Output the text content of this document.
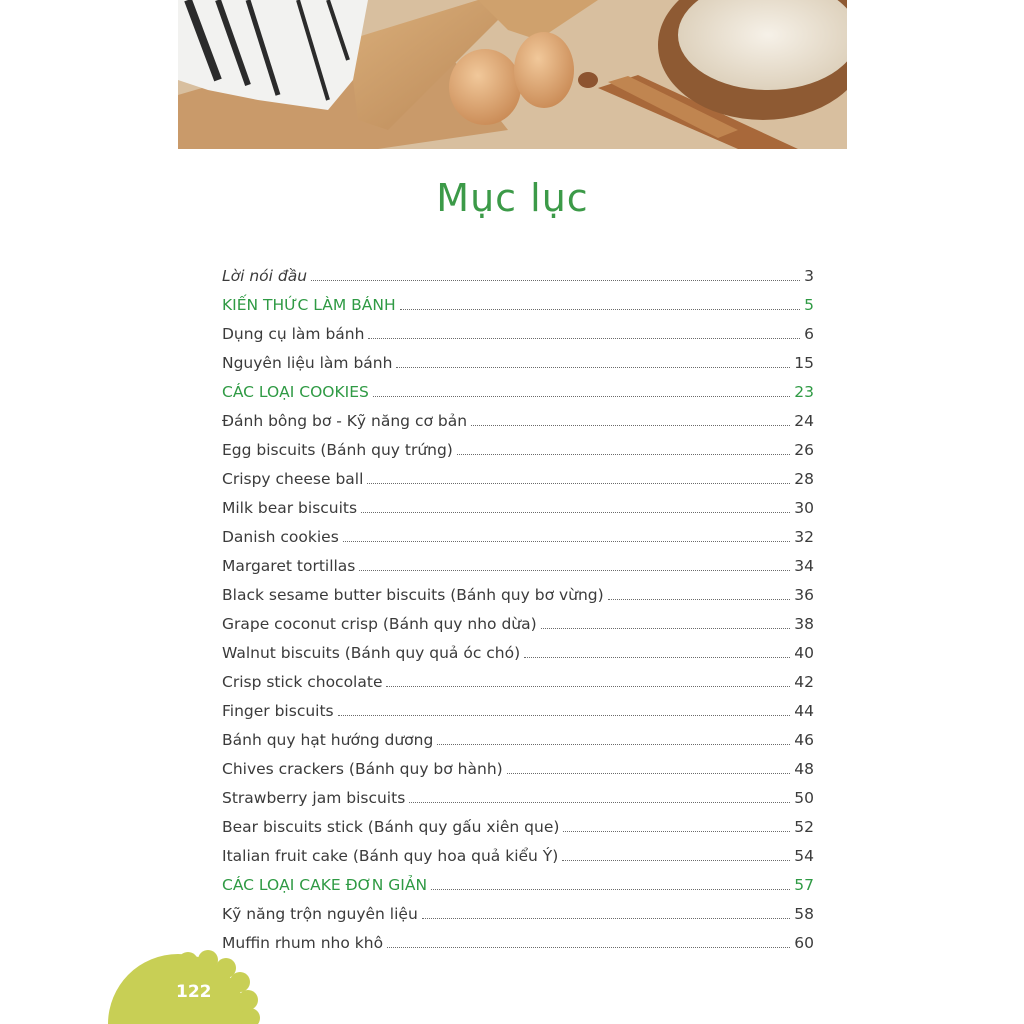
Mục lục
Lời nói đầu	3
KIẾN THỨC LÀM BÁNH	5
Dụng cụ làm bánh	6
Nguyên liệu làm bánh	15
CÁC LOẠI COOKIES	23
Đánh bông bơ - Kỹ năng cơ bản	24
Egg biscuits (Bánh quy trứng)	26
Crispy cheese ball	28
Milk bear biscuits	30
Danish cookies	32
Margaret tortillas	34
Black sesame butter biscuits (Bánh quy bơ vừng)	36
Grape coconut crisp (Bánh quy nho dừa)	38
Walnut biscuits (Bánh quy quả óc chó)	40
Crisp stick chocolate	42
Finger biscuits	44
Bánh quy hạt hướng dương	46
Chives crackers (Bánh quy bơ hành)	48
Strawberry jam biscuits	50
Bear biscuits stick (Bánh quy gấu xiên que)	52
Italian fruit cake (Bánh quy hoa quả kiểu Ý)	54
CÁC LOẠI CAKE ĐƠN GIẢN	57
Kỹ năng trộn nguyên liệu	58
Muffin rhum nho khô	60
122
